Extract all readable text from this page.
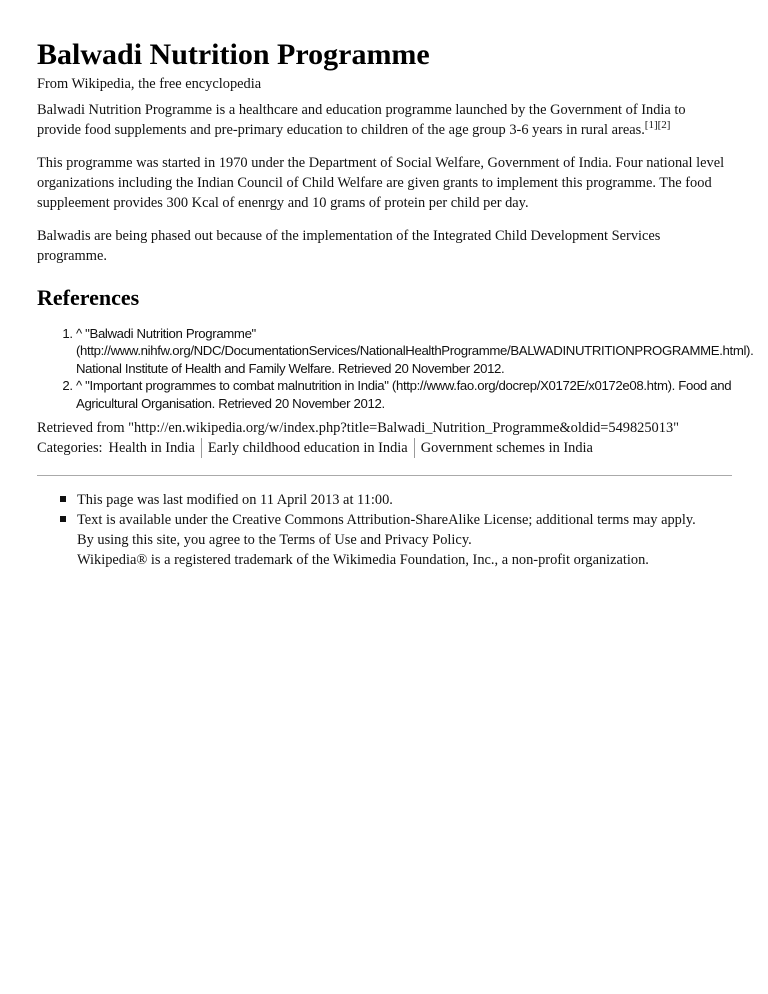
Balwadi Nutrition Programme
From Wikipedia, the free encyclopedia

Balwadi Nutrition Programme is a healthcare and education programme launched by the Government of India to provide food supplements and pre-primary education to children of the age group 3-6 years in rural areas.[1][2]

This programme was started in 1970 under the Department of Social Welfare, Government of India. Four national level organizations including the Indian Council of Child Welfare are given grants to implement this programme. The food suppleement provides 300 Kcal of enenrgy and 10 grams of protein per child per day.

Balwadis are being phased out because of the implementation of the Integrated Child Development Services programme.

References
1. ^ "Balwadi Nutrition Programme" (http://www.nihfw.org/NDC/DocumentationServices/NationalHealthProgramme/BALWADINUTRITIONPROGRAMME.html). National Institute of Health and Family Welfare. Retrieved 20 November 2012.
2. ^ "Important programmes to combat malnutrition in India" (http://www.fao.org/docrep/X0172E/x0172e08.htm). Food and Agricultural Organisation. Retrieved 20 November 2012.
Retrieved from "http://en.wikipedia.org/w/index.php?title=Balwadi_Nutrition_Programme&oldid=549825013"
Categories: Health in India Early childhood education in India Government schemes in India
This page was last modified on 11 April 2013 at 11:00.
Text is available under the Creative Commons Attribution-ShareAlike License; additional terms may apply.
By using this site, you agree to the Terms of Use and Privacy Policy.
Wikipedia® is a registered trademark of the Wikimedia Foundation, Inc., a non-profit organization.
